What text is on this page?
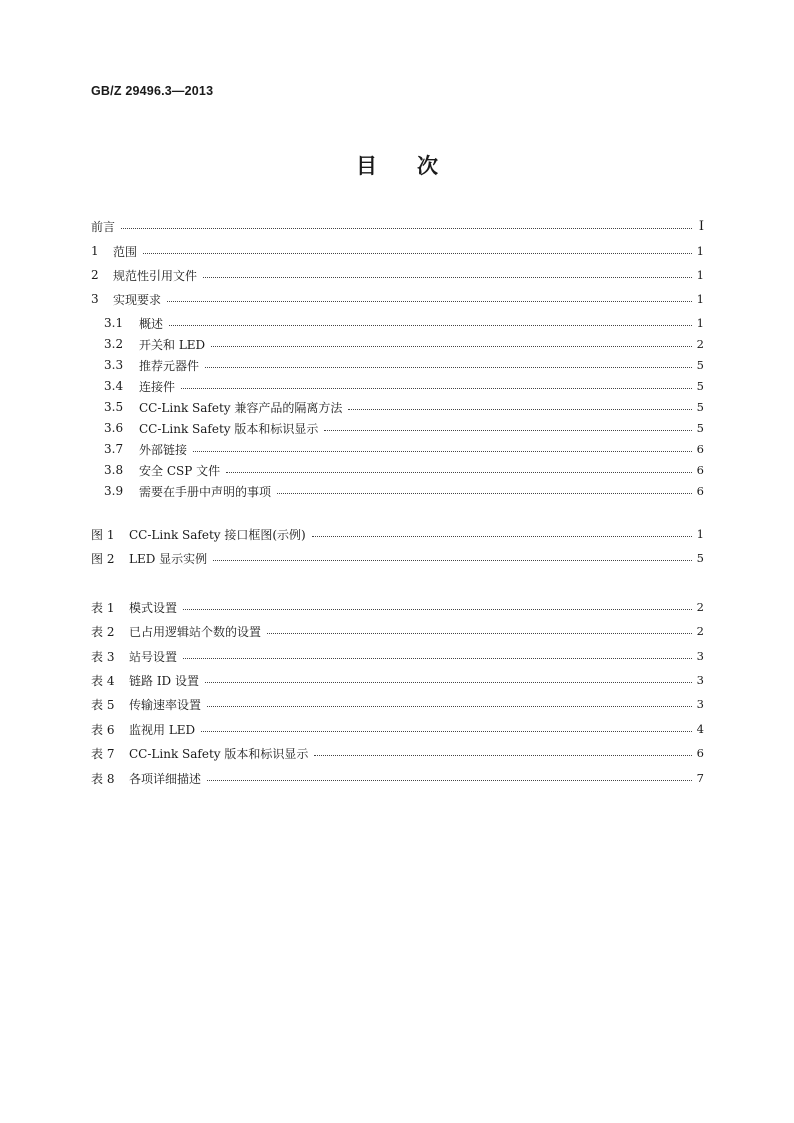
GB/Z 29496.3—2013
目 次
前言	I
1	范围	1
2	规范性引用文件	1
3	实现要求	1
3.1	概述	1
3.2	开关和 LED	2
3.3	推荐元器件	5
3.4	连接件	5
3.5	CC-Link Safety 兼容产品的隔离方法	5
3.6	CC-Link Safety 版本和标识显示	5
3.7	外部链接	6
3.8	安全 CSP 文件	6
3.9	需要在手册中声明的事项	6
图 1	CC-Link Safety 接口框图(示例)	1
图 2	LED 显示实例	5
表 1	模式设置	2
表 2	已占用逻辑站个数的设置	2
表 3	站号设置	3
表 4	链路 ID 设置	3
表 5	传输速率设置	3
表 6	监视用 LED	4
表 7	CC-Link Safety 版本和标识显示	6
表 8	各项详细描述	7
